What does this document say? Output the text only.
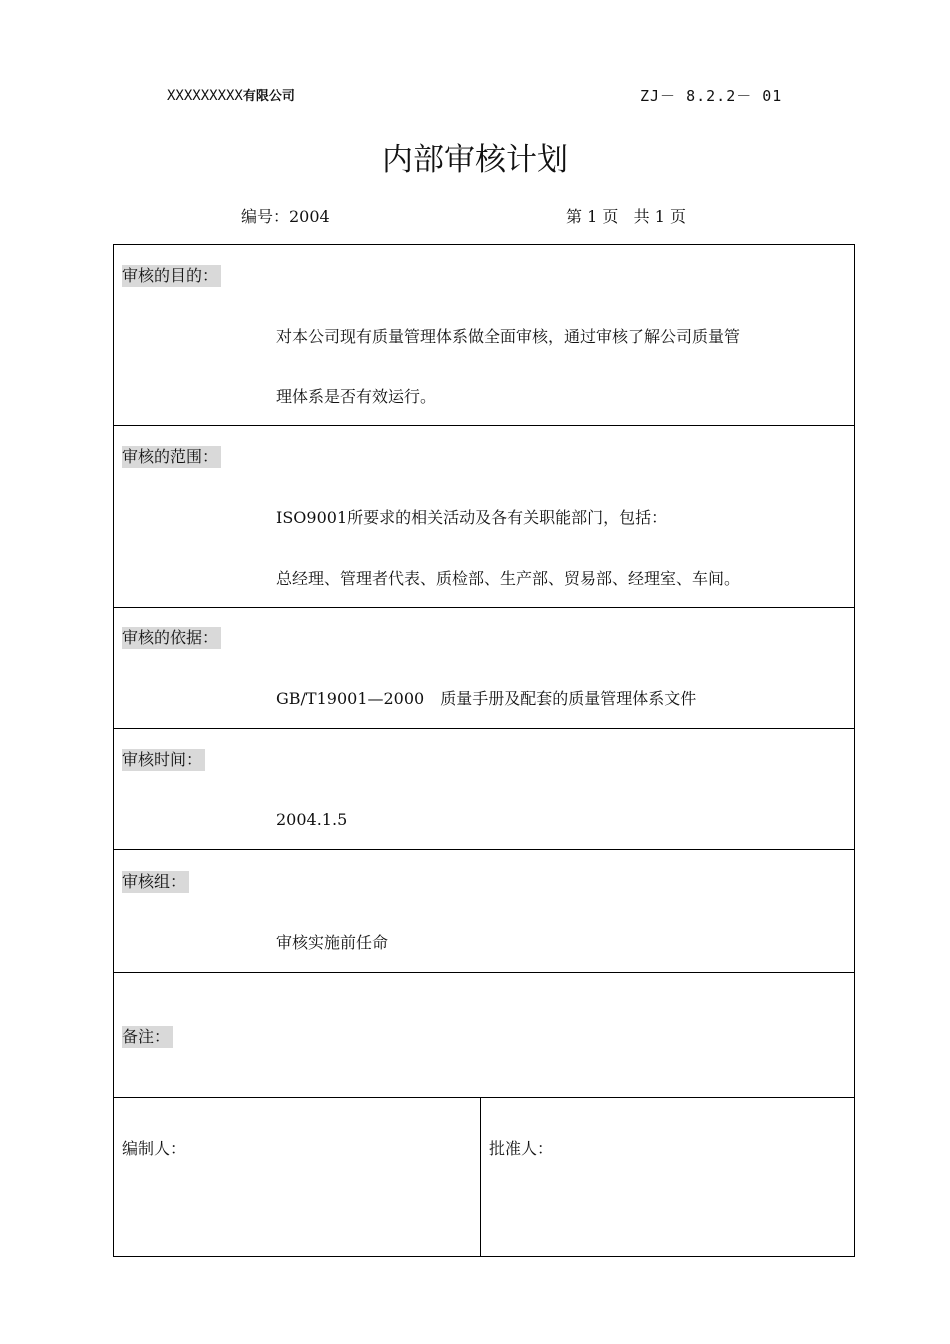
XXXXXXXXX有限公司	ZJ－ 8.2.2－ 01
内部审核计划
编号：2004	第 1 页   共 1 页
审核的目的：
对本公司现有质量管理体系做全面审核，通过审核了解公司质量管
理体系是否有效运行。
审核的范围：
ISO9001所要求的相关活动及各有关职能部门，包括：
总经理、管理者代表、质检部、生产部、贸易部、经理室、车间。
审核的依据：
GB/T19001—2000　质量手册及配套的质量管理体系文件
审核时间：
2004.1.5
审核组：
审核实施前任命
备注：
编制人：	批准人：
